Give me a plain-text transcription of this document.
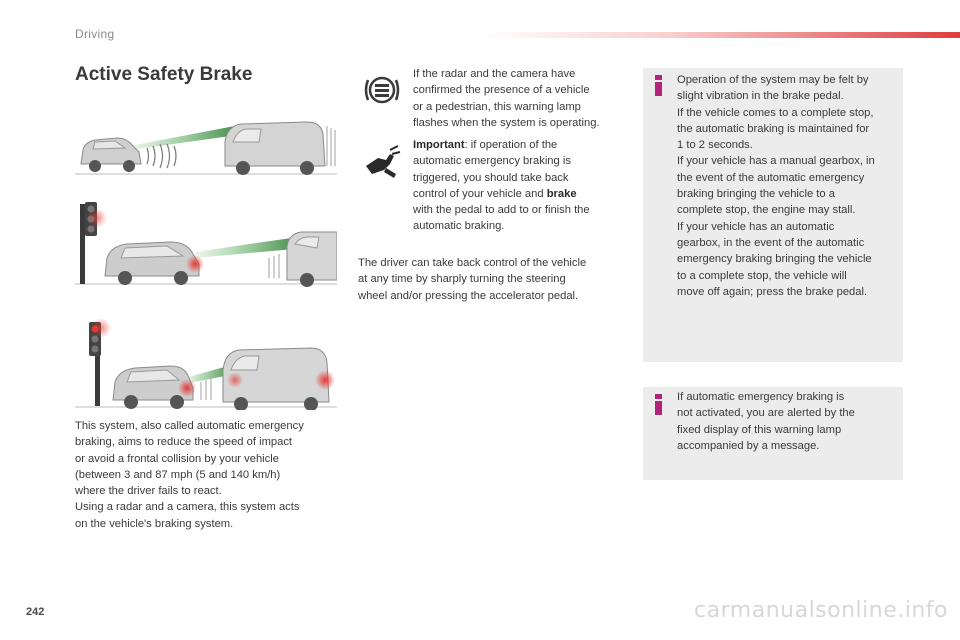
Driving
Active Safety Brake
This system, also called automatic emergency
braking, aims to reduce the speed of impact
or avoid a frontal collision by your vehicle
(between 3 and 87 mph (5 and 140 km/h)
where the driver fails to react.
Using a radar and a camera, this system acts
on the vehicle's braking system.
If the radar and the camera have
confirmed the presence of a vehicle
or a pedestrian, this warning lamp
flashes when the system is operating.
Important: if operation of the
automatic emergency braking is
triggered, you should take back
control of your vehicle and brake
with the pedal to add to or finish the
automatic braking.
The driver can take back control of the vehicle
at any time by sharply turning the steering
wheel and/or pressing the accelerator pedal.
Operation of the system may be felt by
slight vibration in the brake pedal.
If the vehicle comes to a complete stop,
the automatic braking is maintained for
1 to 2 seconds.
If your vehicle has a manual gearbox, in
the event of the automatic emergency
braking bringing the vehicle to a
complete stop, the engine may stall.
If your vehicle has an automatic
gearbox, in the event of the automatic
emergency braking bringing the vehicle
to a complete stop, the vehicle will
move off again; press the brake pedal.
If automatic emergency braking is
not activated, you are alerted by the
fixed display of this warning lamp
accompanied by a message.
242	carmanualsonline.info
